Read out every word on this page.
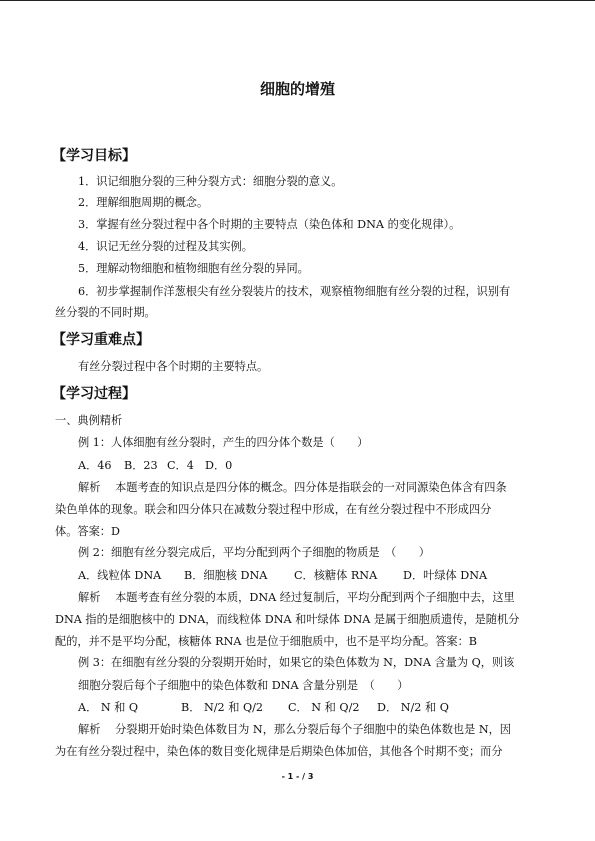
细胞的增殖
【学习目标】
1．识记细胞分裂的三种分裂方式：细胞分裂的意义。
2．理解细胞周期的概念。
3．掌握有丝分裂过程中各个时期的主要特点（染色体和 DNA 的变化规律）。
4．识记无丝分裂的过程及其实例。
5．理解动物细胞和植物细胞有丝分裂的异同。
6．初步掌握制作洋葱根尖有丝分裂装片的技术，观察植物细胞有丝分裂的过程，识别有
丝分裂的不同时期。
【学习重难点】
有丝分裂过程中各个时期的主要特点。
【学习过程】
一、典例精析
例 1：人体细胞有丝分裂时，产生的四分体个数是（　　）
A．46 B．23 C．4 D．0
解析　 本题考查的知识点是四分体的概念。四分体是指联会的一对同源染色体含有四条
染色单体的现象。联会和四分体只在减数分裂过程中形成，在有丝分裂过程中不形成四分
体。答案：D
例 2：细胞有丝分裂完成后，平均分配到两个子细胞的物质是　（　　）
A．线粒体 DNA B．细胞核 DNA C．核糖体 RNA D．叶绿体 DNA
解析　 本题考查有丝分裂的本质，DNA 经过复制后，平均分配到两个子细胞中去，这里
DNA 指的是细胞核中的 DNA，而线粒体 DNA 和叶绿体 DNA 是属于细胞质遗传，是随机分
配的，并不是平均分配，核糖体 RNA 也是位于细胞质中，也不是平均分配。答案：B
例 3：在细胞有丝分裂的分裂期开始时，如果它的染色体数为 N，DNA 含量为 Q，则该
细胞分裂后每个子细胞中的染色体数和 DNA 含量分别是　（　　）
A． N 和 Q	B． N/2 和 Q/2 C． N 和 Q/2 D． N/2 和 Q
解析　 分裂期开始时染色体数目为 N，那么分裂后每个子细胞中的染色体数也是 N，因
为在有丝分裂过程中，染色体的数目变化规律是后期染色体加倍，其他各个时期不变；而分
- 1 - / 3
